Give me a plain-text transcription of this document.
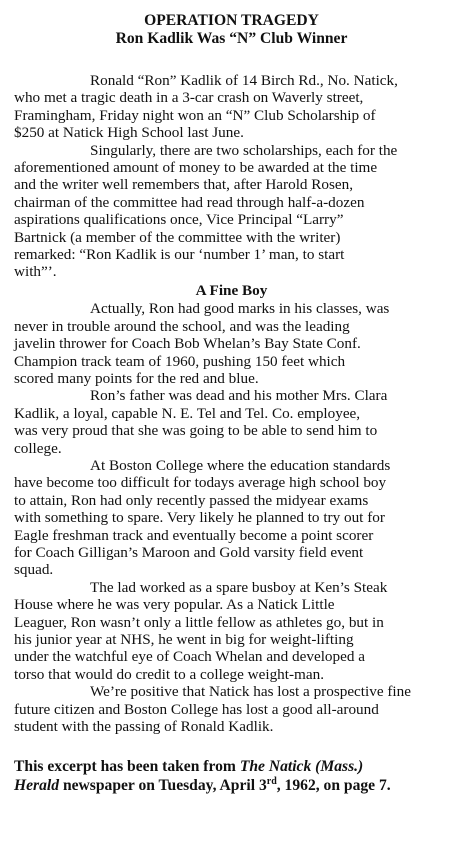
OPERATION TRAGEDY
Ron Kadlik Was “N” Club Winner
Ronald “Ron” Kadlik of 14 Birch Rd., No. Natick,
who met a tragic death in a 3-car crash on Waverly street,
Framingham, Friday night won an “N” Club Scholarship of
$250 at Natick High School last June.
Singularly, there are two scholarships, each for the
aforementioned amount of money to be awarded at the time
and the writer well remembers that, after Harold Rosen,
chairman of the committee had read through half-a-dozen
aspirations qualifications once, Vice Principal “Larry”
Bartnick (a member of the committee with the writer)
remarked: “Ron Kadlik is our ‘number 1’ man, to start
with”’.
A Fine Boy
Actually, Ron had good marks in his classes, was
never in trouble around the school, and was the leading
javelin thrower for Coach Bob Whelan’s Bay State Conf.
Champion track team of 1960, pushing 150 feet which
scored many points for the red and blue.
Ron’s father was dead and his mother Mrs. Clara
Kadlik, a loyal, capable N. E. Tel and Tel. Co. employee,
was very proud that she was going to be able to send him to
college.
At Boston College where the education standards
have become too difficult for todays average high school boy
to attain, Ron had only recently passed the midyear exams
with something to spare. Very likely he planned to try out for
Eagle freshman track and eventually become a point scorer
for Coach Gilligan’s Maroon and Gold varsity field event
squad.
The lad worked as a spare busboy at Ken’s Steak
House where he was very popular. As a Natick Little
Leaguer, Ron wasn’t only a little fellow as athletes go, but in
his junior year at NHS, he went in big for weight-lifting
under the watchful eye of Coach Whelan and developed a
torso that would do credit to a college weight-man.
We’re positive that Natick has lost a prospective fine
future citizen and Boston College has lost a good all-around
student with the passing of Ronald Kadlik.
This excerpt has been taken from The Natick (Mass.)
Herald newspaper on Tuesday, April 3rd, 1962, on page 7.
